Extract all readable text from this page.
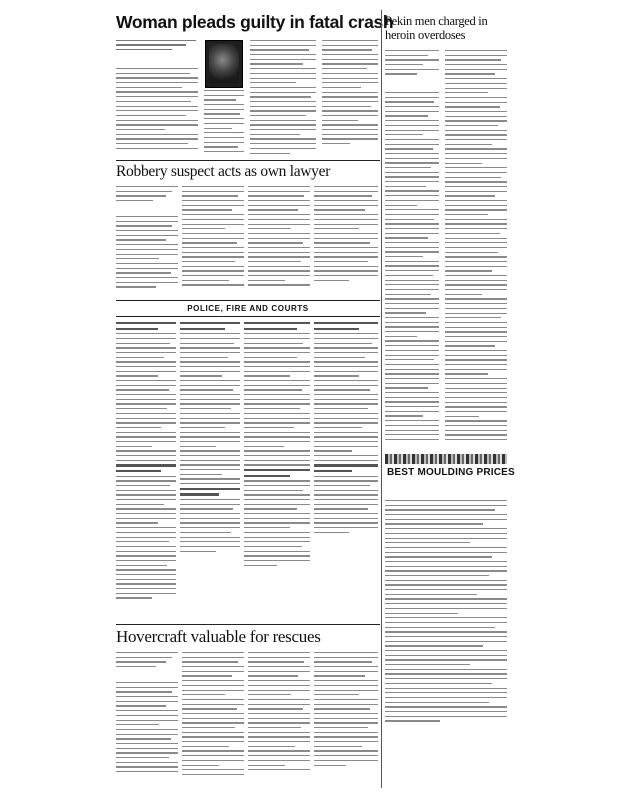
Woman pleads guilty in fatal crash
Pekin men charged in heroin overdoses
Robbery suspect acts as own lawyer
POLICE, FIRE AND COURTS
BEST MOULDING PRICES
Hovercraft valuable for rescues
